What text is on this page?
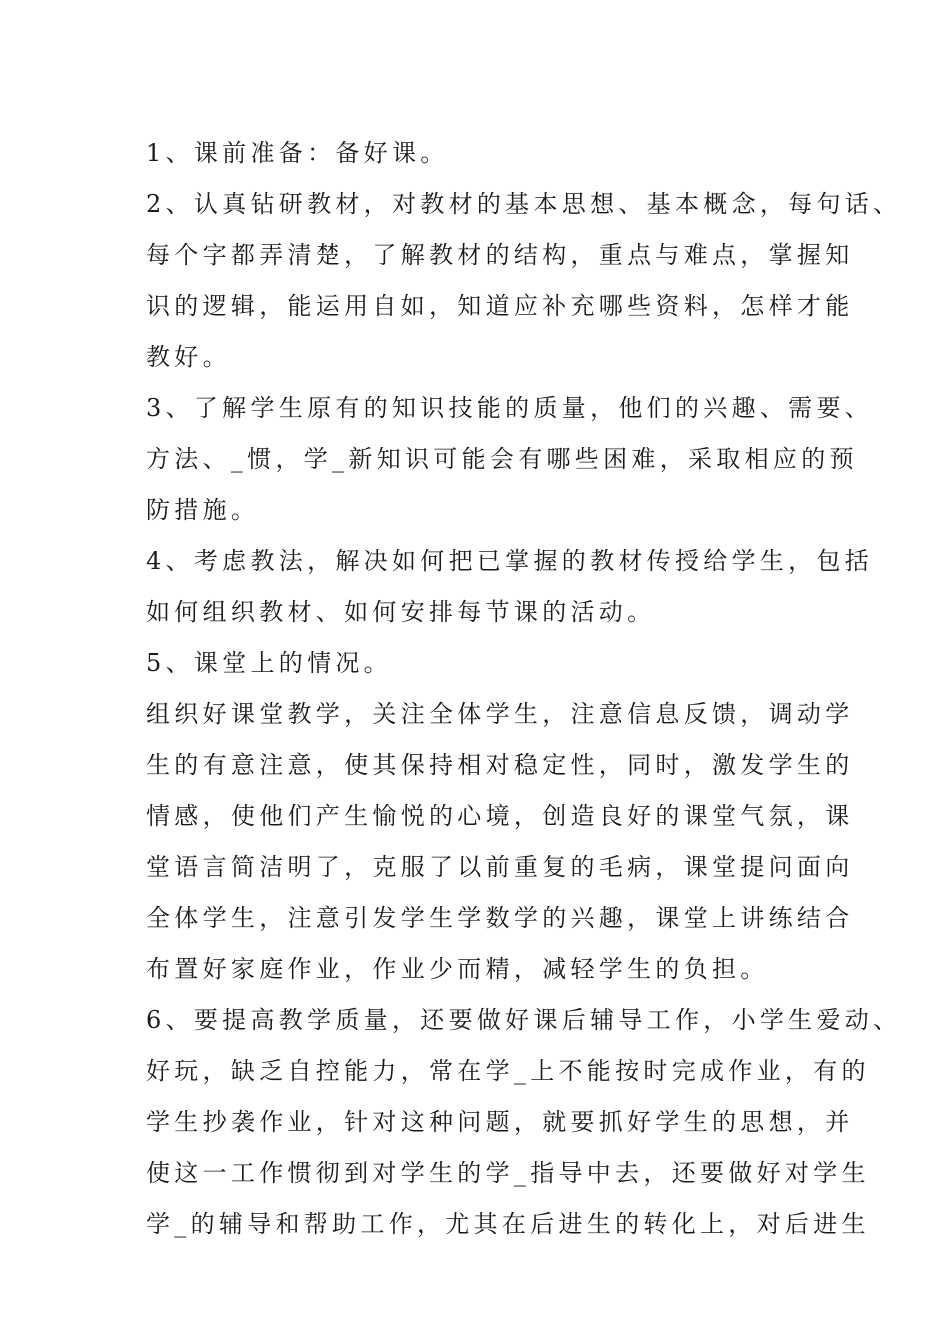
1、课前准备：备好课。
2、认真钻研教材，对教材的基本思想、基本概念，每句话、
每个字都弄清楚，了解教材的结构，重点与难点，掌握知
识的逻辑，能运用自如，知道应补充哪些资料，怎样才能
教好。
3、了解学生原有的知识技能的质量，他们的兴趣、需要、
方法、_惯，学_新知识可能会有哪些困难，采取相应的预
防措施。
4、考虑教法，解决如何把已掌握的教材传授给学生，包括
如何组织教材、如何安排每节课的活动。
5、课堂上的情况。
组织好课堂教学，关注全体学生，注意信息反馈，调动学
生的有意注意，使其保持相对稳定性，同时，激发学生的
情感，使他们产生愉悦的心境，创造良好的课堂气氛，课
堂语言简洁明了，克服了以前重复的毛病，课堂提问面向
全体学生，注意引发学生学数学的兴趣，课堂上讲练结合
布置好家庭作业，作业少而精，减轻学生的负担。
6、要提高教学质量，还要做好课后辅导工作，小学生爱动、
好玩，缺乏自控能力，常在学_上不能按时完成作业，有的
学生抄袭作业，针对这种问题，就要抓好学生的思想，并
使这一工作惯彻到对学生的学_指导中去，还要做好对学生
学_的辅导和帮助工作，尤其在后进生的转化上，对后进生
